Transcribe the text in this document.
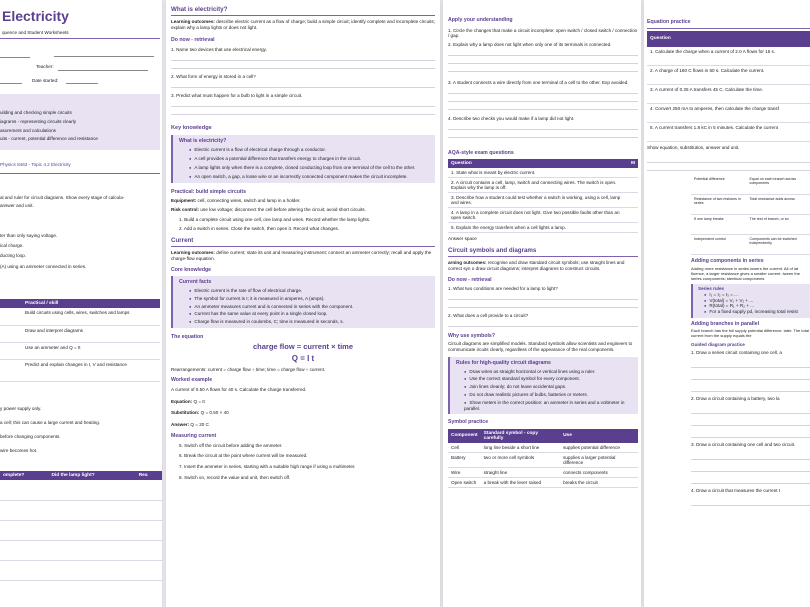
Electricity
quence and Student Worksheets
Teacher:
Date started:
uilding and checking simple circuits
iagrams - representing circuits clearly
asurement and calculations
uits - current, potential difference and resistance
Physics 8463 - Topic 4.2 Electricity
al and ruler for circuit diagrams. Show every stage of calcula-
answer and unit.
ter than only saying voltage.
ical charge.
ducting loop.
(A) using an ammeter connected in series.
	Practical / skill
	Build circuits using cells, wires, switches and lamps
	Draw and interpret diagrams
	Use an ammeter and Q = It
	Predict and explain changes in I, V and resistance
y power supply only.
a cell; this can cause a large current and heating.
before changing components.
wire becomes hot.
omplete?	Did the lamp light?	Rea

What is electricity?
Learning outcomes: describe electric current as a flow of charge; build a simple circuit; identify complete and incomplete circuits; explain why a lamp lights or does not light.
Do now - retrieval
1. Name two devices that use electrical energy.
2. What form of energy is stored in a cell?
3. Predict what must happen for a bulb to light in a simple circuit.
Key knowledge
What is electricity?
● Electric current is a flow of electrical charge through a conductor.
● A cell provides a potential difference that transfers energy to charges in the circuit.
● A lamp lights only when there is a complete, closed conducting loop from one terminal of the cell to the other.
● An open switch, a gap, a loose wire or an incorrectly connected component makes the circuit incomplete.
Practical: build simple circuits
Equipment: cell, connecting wires, switch and lamp in a holder.
Risk control: use low voltage; disconnect the cell before altering the circuit; avoid short circuits.
1. Build a complete circuit using one cell, one lamp and wires. Record whether the lamp lights.
2. Add a switch in series. Close the switch, then open it. Record what changes.
Current
Learning outcomes: define current; state its unit and measuring instrument; connect an ammeter correctly; recall and apply the charge-flow equation.
Core knowledge
Current facts
● Electric current is the rate of flow of electrical charge.
● The symbol for current is I; it is measured in amperes, A (amps).
● An ammeter measures current and is connected in series with the component.
● Current has the same value at every point in a single closed loop.
● Charge flow is measured in coulombs, C; time is measured in seconds, s.
The equation
charge flow = current × time
Q = I t
Rearrangements: current = charge flow ÷ time; time = charge flow ÷ current.
Worked example
A current of 0.50 A flows for 40 s. Calculate the charge transferred.
Equation: Q = It
Substitution: Q = 0.50 × 40
Answer: Q = 20 C
Measuring current
5. Switch off the circuit before adding the ammeter.
6. Break the circuit at the point where current will be measured.
7. Insert the ammeter in series, starting with a suitable high range if using a multimeter.
8. Switch on, record the value and unit, then switch off.
Apply your understanding
1. Circle the changes that make a circuit incomplete: open switch / closed switch / connection / gap.
2. Explain why a lamp does not light when only one of its terminals is connected.
3. A student connects a wire directly from one terminal of a cell to the other. Exp avoided.
4. Describe two checks you would make if a lamp did not light.
AQA-style exam questions
Question	M
1. State what is meant by electric current.	
2. A circuit contains a cell, lamp, switch and connecting wires. The switch is open. Explain why the lamp is off.	
3. Describe how a student could test whether a switch is working, using a cell, lamp and wires.	
4. A lamp in a complete circuit does not light. Give two possible faults other than an open switch.	
5. Explain the energy transfers when a cell lights a lamp.	
Answer space
Circuit symbols and diagrams
arning outcomes: recognise and draw standard circuit symbols; use straight lines and correct syn o draw circuit diagrams; interpret diagrams to construct circuits.
Do now - retrieval
1. What two conditions are needed for a lamp to light?
2. What does a cell provide to a circuit?
Why use symbols?
Circuit diagrams are simplified models. Standard symbols allow scientists and engineers to communicate ircuits clearly, regardless of the appearance of the real components.
Rules for high-quality circuit diagrams
● Draw wires as straight horizontal or vertical lines using a ruler.
● Use the correct standard symbol for every component.
● Join lines cleanly; do not leave accidental gaps.
● Do not draw realistic pictures of bulbs, batteries or meters.
● Show meters in the correct position: an ammeter in series and a voltmeter in parallel.
Symbol practice
Component	Standard symbol - copy carefully	Use
Cell	long line beside a short line	supplies potential difference
Battery	two or more cell symbols	supplies a larger potential difference
Wire	straight line	connects components
Open switch	a break with the lever raised	breaks the circuit
Equation practice
Question
1. Calculate the charge when a current of 2.0 A flows for 15 s.
2. A charge of 180 C flows in 60 s. Calculate the current.
3. A current of 0.25 A transfers 45 C. Calculate the time.
4. Convert 250 mA to amperes, then calculate the charge transf
5. A current transfers 1.8 kC in 5 minutes. Calculate the current
Show equation, substitution, answer and unit.
Potential difference	Equal on each branch across components
Resistance of two resistors in series	Total resistance adds across
If one lamp breaks	The rest of branch, or so
Independent control	Components can be switched independently
Adding components in series
Adding more resistance in series lowers the current. All of lat fluence, a larger resistance gives a smaller current. tween the series components; identical components
Series rules
● I₁ = I₂ = I₃ = ...
● V(total) = V₁ + V₂ + ...
● R(total) = R₁ + R₂ + ...
● For a fixed supply pd, increasing total resist
Adding branches in parallel
Each branch has the full supply potential difference. later. The total current from the supply equals the
Guided diagram practice
1. Draw a series circuit containing one cell, a
2. Draw a circuit containing a battery, two la
3. Draw a circuit containing one cell and two circuit.
4. Draw a circuit that measures the current t
